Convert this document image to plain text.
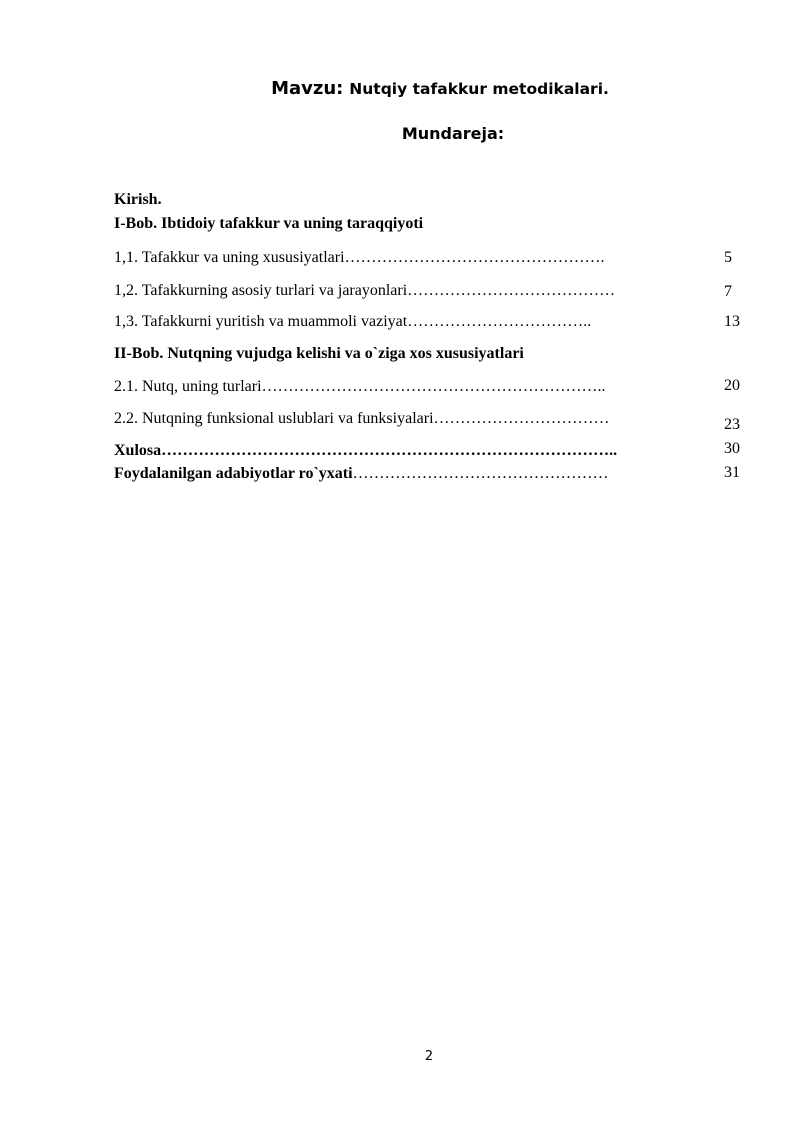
Mavzu: Nutqiy tafakkur metodikalari.
Mundareja:
Kirish.
I-Bob. Ibtidoiy tafakkur va uning taraqqiyoti
1,1. Tafakkur va uning xususiyatlari………………………………………….	5
1,2. Tafakkurning asosiy turlari va jarayonlari…………………………………	7
1,3. Tafakkurni yuritish va muammoli vaziyat……………………………..	13
II-Bob. Nutqning vujudga kelishi va o`ziga xos xususiyatlari
2.1. Nutq, uning turlari………………………………………………………..	20
2.2. Nutqning funksional uslublari va funksiyalari……………………………	23
Xulosa…………………………………………………………………………..	30
Foydalanilgan adabiyotlar ro`yxati…………………………………………	31
2
